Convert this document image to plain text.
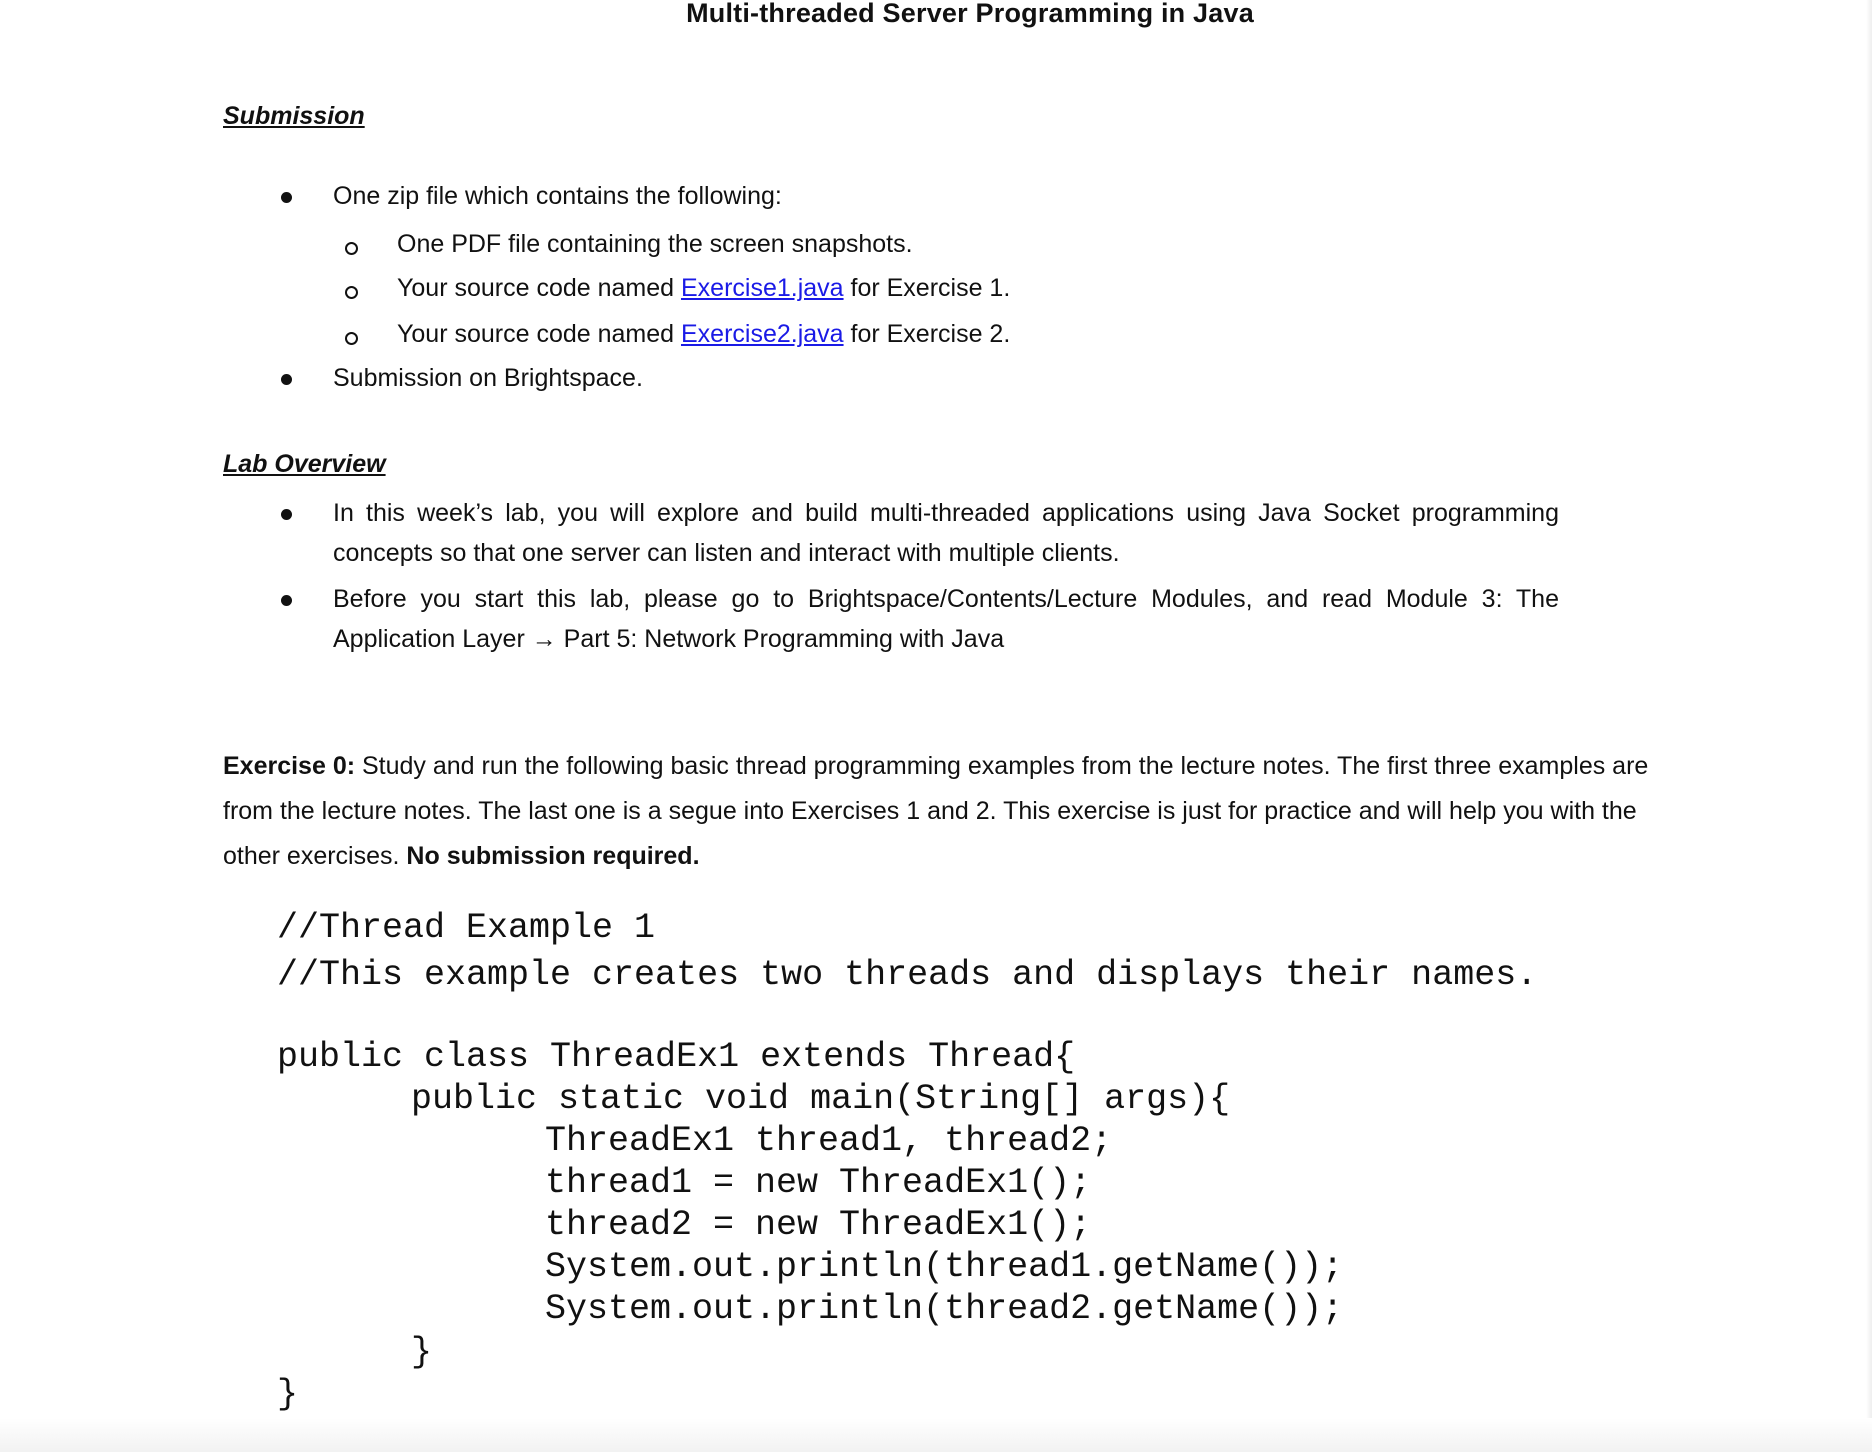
Multi-threaded Server Programming in Java
Submission
One zip file which contains the following:
One PDF file containing the screen snapshots.
Your source code named Exercise1.java for Exercise 1.
Your source code named Exercise2.java for Exercise 2.
Submission on Brightspace.
Lab Overview
In this week’s lab, you will explore and build multi-threaded applications using Java Socket programming concepts so that one server can listen and interact with multiple clients.
Before you start this lab, please go to Brightspace/Contents/Lecture Modules, and read Module 3: The Application Layer → Part 5: Network Programming with Java
Exercise 0: Study and run the following basic thread programming examples from the lecture notes. The first three examples are from the lecture notes. The last one is a segue into Exercises 1 and 2. This exercise is just for practice and will help you with the other exercises. No submission required.

//Thread Example 1

//This example creates two threads and displays their names.

public class ThreadEx1 extends Thread{

public static void main(String[] args){

ThreadEx1 thread1, thread2;

thread1 = new ThreadEx1();

thread2 = new ThreadEx1();

System.out.println(thread1.getName());

System.out.println(thread2.getName());

}

}
